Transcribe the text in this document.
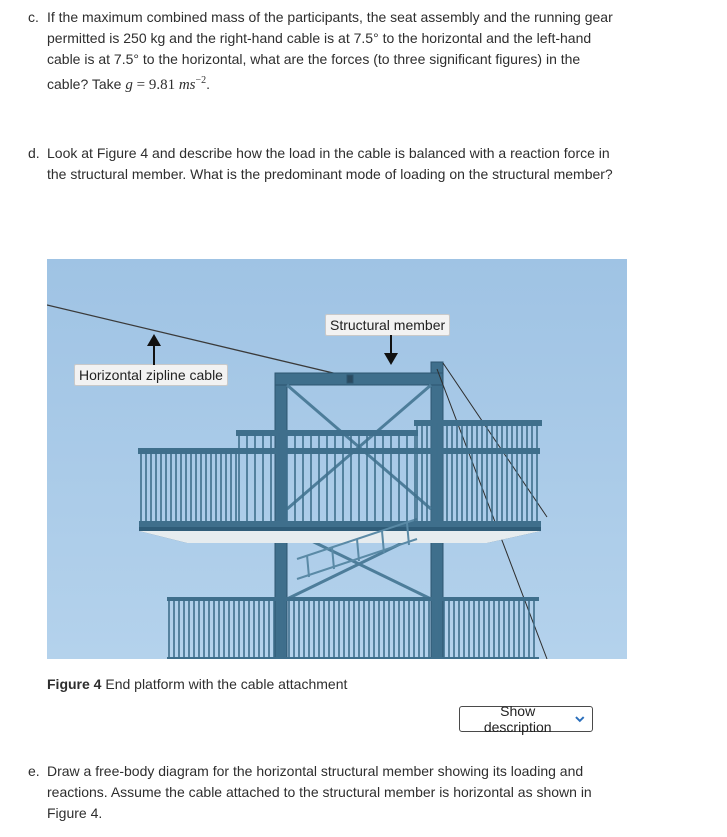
c. If the maximum combined mass of the participants, the seat assembly and the running gear permitted is 250 kg and the right-hand cable is at 7.5° to the horizontal and the left-hand cable is at 7.5° to the horizontal, what are the forces (to three significant figures) in the cable? Take g = 9.81 $ms^{-2}$.
d. Look at Figure 4 and describe how the load in the cable is balanced with a reaction force in the structural member. What is the predominant mode of loading on the structural member?
Structural member
Horizontal zipline cable
Figure 4 End platform with the cable attachment
Show description
e. Draw a free-body diagram for the horizontal structural member showing its loading and reactions. Assume the cable attached to the structural member is horizontal as shown in Figure 4.
